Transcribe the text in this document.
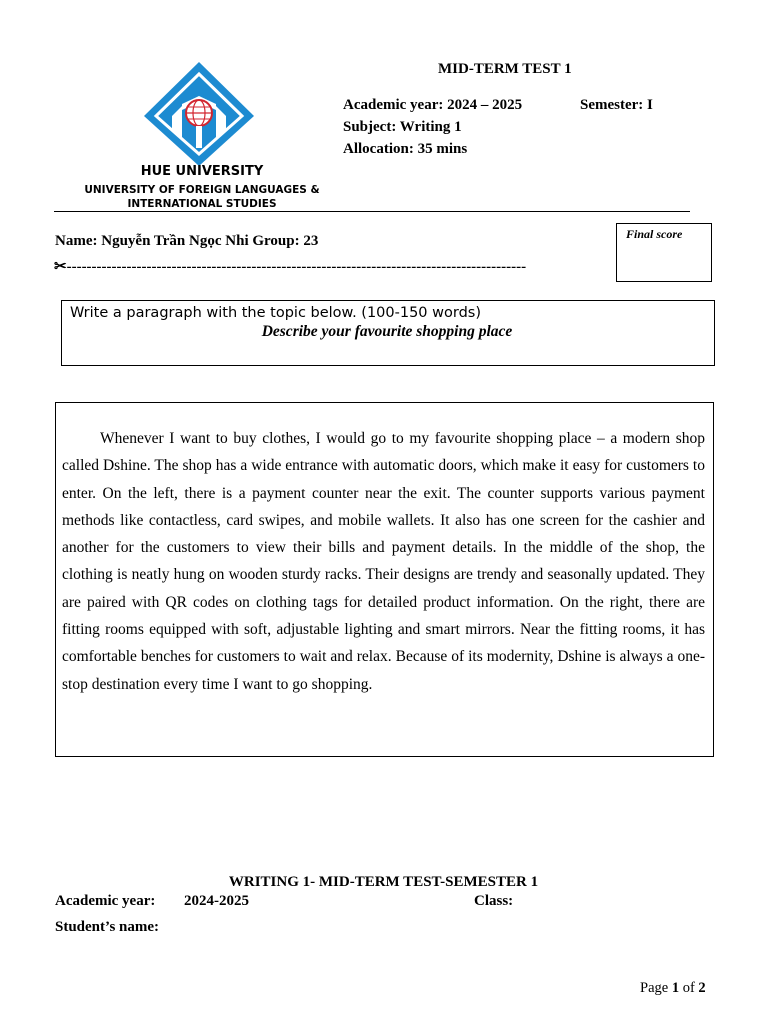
HUE UNIVERSITY
UNIVERSITY OF FOREIGN LANGUAGES &
INTERNATIONAL STUDIES
MID-TERM TEST 1
Academic year: 2024 – 2025	Semester: I
Subject: Writing 1
Allocation: 35 mins
Name: Nguyễn Trần Ngọc Nhi Group: 23	Final score
✂--------------------------------------------------------------------------------------------
Write a paragraph with the topic below. (100-150 words)
Describe your favourite shopping place

Whenever I want to buy clothes, I would go to my favourite shopping place – a modern shop called Dshine. The shop has a wide entrance with automatic doors, which make it easy for customers to enter. On the left, there is a payment counter near the exit. The counter supports various payment methods like contactless, card swipes, and mobile wallets. It also has one screen for the cashier and another for the customers to view their bills and payment details. In the middle of the shop, the clothing is neatly hung on wooden sturdy racks. Their designs are trendy and seasonally updated. They are paired with QR codes on clothing tags for detailed product information. On the right, there are fitting rooms equipped with soft, adjustable lighting and smart mirrors. Near the fitting rooms, it has comfortable benches for customers to wait and relax. Because of its modernity, Dshine is always a one-stop destination every time I want to go shopping.

WRITING 1- MID-TERM TEST-SEMESTER 1
Academic year: 2024-2025	Class:
Student’s name:
Page 1 of 2
